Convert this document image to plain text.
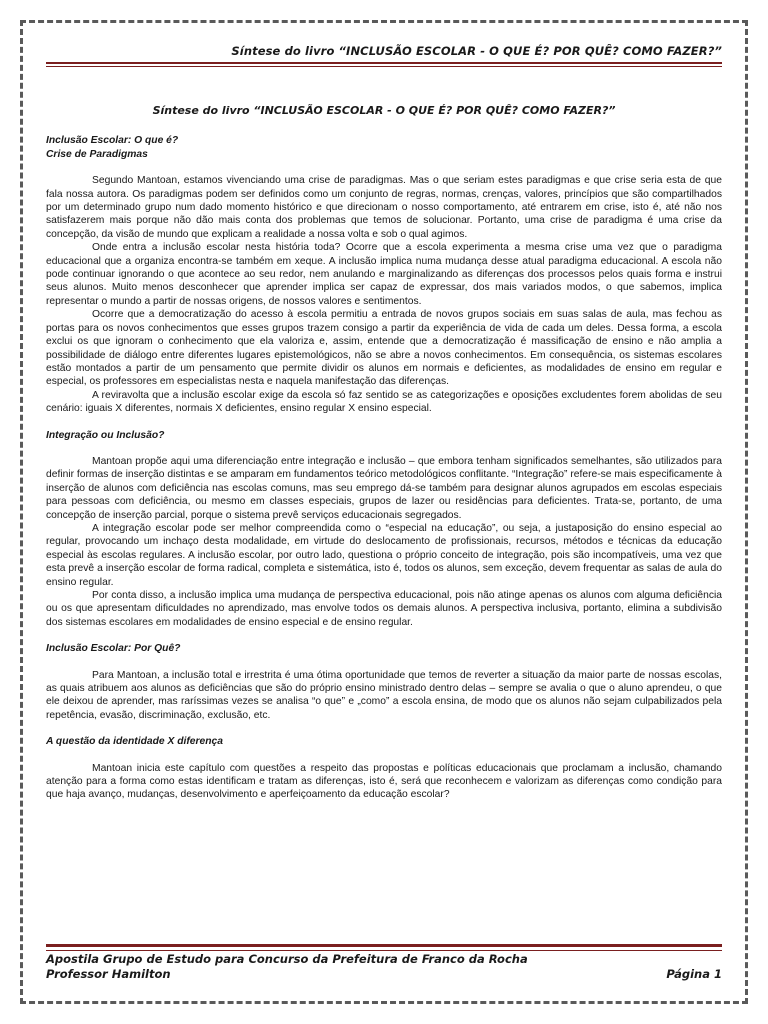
Síntese do livro “INCLUSÃO ESCOLAR - O QUE É? POR QUÊ? COMO FAZER?”
Síntese do livro “INCLUSÃO ESCOLAR - O QUE É? POR QUÊ? COMO FAZER?”
Inclusão Escolar: O que é?
Crise de Paradigmas

Segundo Mantoan, estamos vivenciando uma crise de paradigmas. Mas o que seriam estes paradigmas e que crise seria esta de que fala nossa autora. Os paradigmas podem ser definidos como um conjunto de regras, normas, crenças, valores, princípios que são compartilhados por um determinado grupo num dado momento histórico e que direcionam o nosso comportamento, até entrarem em crise, isto é, até não nos satisfazerem mais porque não dão mais conta dos problemas que temos de solucionar. Portanto, uma crise de paradigma é uma crise da concepção, da visão de mundo que explicam a realidade a nossa volta e sob o qual agimos.

Onde entra a inclusão escolar nesta história toda? Ocorre que a escola experimenta a mesma crise uma vez que o paradigma educacional que a organiza encontra-se também em xeque. A inclusão implica numa mudança desse atual paradigma educacional. A escola não pode continuar ignorando o que acontece ao seu redor, nem anulando e marginalizando as diferenças dos processos pelos quais forma e instrui seus alunos. Muito menos desconhecer que aprender implica ser capaz de expressar, dos mais variados modos, o que sabemos, implica representar o mundo a partir de nossas origens, de nossos valores e sentimentos.

Ocorre que a democratização do acesso à escola permitiu a entrada de novos grupos sociais em suas salas de aula, mas fechou as portas para os novos conhecimentos que esses grupos trazem consigo a partir da experiência de vida de cada um deles. Dessa forma, a escola exclui os que ignoram o conhecimento que ela valoriza e, assim, entende que a democratização é massificação de ensino e não amplia a possibilidade de diálogo entre diferentes lugares epistemológicos, não se abre a novos conhecimentos. Em consequência, os sistemas escolares estão montados a partir de um pensamento que permite dividir os alunos em normais e deficientes, as modalidades de ensino em regular e especial, os professores em especialistas nesta e naquela manifestação das diferenças.

A reviravolta que a inclusão escolar exige da escola só faz sentido se as categorizações e oposições excludentes forem abolidas de seu cenário: iguais X diferentes, normais X deficientes, ensino regular X ensino especial.

Integração ou Inclusão?

Mantoan propõe aqui uma diferenciação entre integração e inclusão – que embora tenham significados semelhantes, são utilizados para definir formas de inserção distintas e se amparam em fundamentos teórico metodológicos conflitante. “Integração” refere-se mais especificamente à inserção de alunos com deficiência nas escolas comuns, mas seu emprego dá-se também para designar alunos agrupados em escolas especiais para pessoas com deficiência, ou mesmo em classes especiais, grupos de lazer ou residências para deficientes. Trata-se, portanto, de uma concepção de inserção parcial, porque o sistema prevê serviços educacionais segregados.

A integração escolar pode ser melhor compreendida como o “especial na educação”, ou seja, a justaposição do ensino especial ao regular, provocando um inchaço desta modalidade, em virtude do deslocamento de profissionais, recursos, métodos e técnicas da educação especial às escolas regulares. A inclusão escolar, por outro lado, questiona o próprio conceito de integração, pois são incompatíveis, uma vez que esta prevê a inserção escolar de forma radical, completa e sistemática, isto é, todos os alunos, sem exceção, devem frequentar as salas de aula do ensino regular.

Por conta disso, a inclusão implica uma mudança de perspectiva educacional, pois não atinge apenas os alunos com alguma deficiência ou os que apresentam dificuldades no aprendizado, mas envolve todos os demais alunos. A perspectiva inclusiva, portanto, elimina a subdivisão dos sistemas escolares em modalidades de ensino especial e de ensino regular.

Inclusão Escolar: Por Quê?

Para Mantoan, a inclusão total e irrestrita é uma ótima oportunidade que temos de reverter a situação da maior parte de nossas escolas, as quais atribuem aos alunos as deficiências que são do próprio ensino ministrado dentro delas – sempre se avalia o que o aluno aprendeu, o que ele deixou de aprender, mas raríssimas vezes se analisa “o que” e „como” a escola ensina, de modo que os alunos não sejam culpabilizados pela repetência, evasão, discriminação, exclusão, etc.

A questão da identidade X diferença

Mantoan inicia este capítulo com questões a respeito das propostas e políticas educacionais que proclamam a inclusão, chamando atenção para a forma como estas identificam e tratam as diferenças, isto é, será que reconhecem e valorizam as diferenças como condição para que haja avanço, mudanças, desenvolvimento e aperfeiçoamento da educação escolar?

Apostila Grupo de Estudo para Concurso da Prefeitura de Franco da Rocha
Professor Hamilton	Página 1
